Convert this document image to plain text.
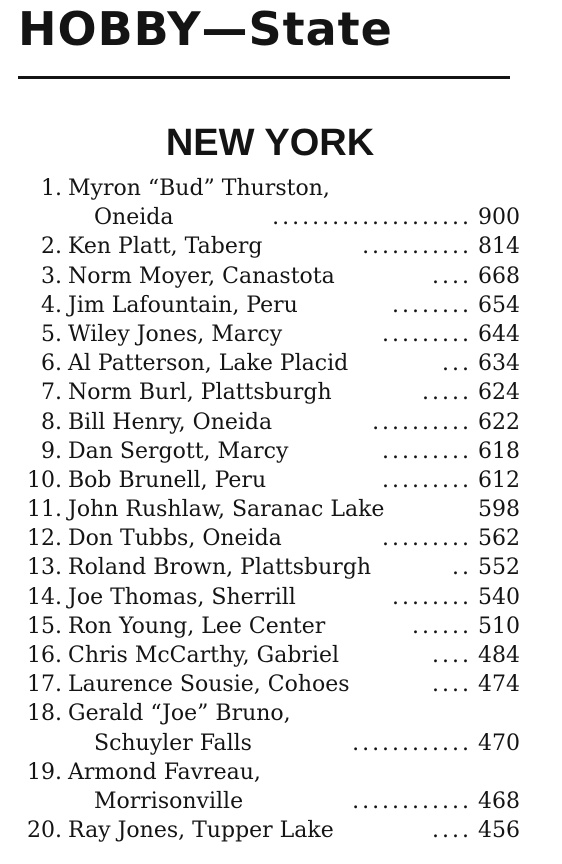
HOBBY—State
NEW YORK
1. Myron “Bud” Thurston,
Oneida	.................... 900
2. Ken Platt, Taberg	........... 814
3. Norm Moyer, Canastota	.... 668
4. Jim Lafountain, Peru	........ 654
5. Wiley Jones, Marcy	......... 644
6. Al Patterson, Lake Placid	... 634
7. Norm Burl, Plattsburgh	..... 624
8. Bill Henry, Oneida	.......... 622
9. Dan Sergott, Marcy	......... 618
10. Bob Brunell, Peru	......... 612
11. John Rushlaw, Saranac Lake	598
12. Don Tubbs, Oneida	......... 562
13. Roland Brown, Plattsburgh	.. 552
14. Joe Thomas, Sherrill	........ 540
15. Ron Young, Lee Center	...... 510
16. Chris McCarthy, Gabriel	.... 484
17. Laurence Sousie, Cohoes	.... 474
18. Gerald “Joe” Bruno,
Schuyler Falls	............ 470
19. Armond Favreau,
Morrisonville	............ 468
20. Ray Jones, Tupper Lake	.... 456
